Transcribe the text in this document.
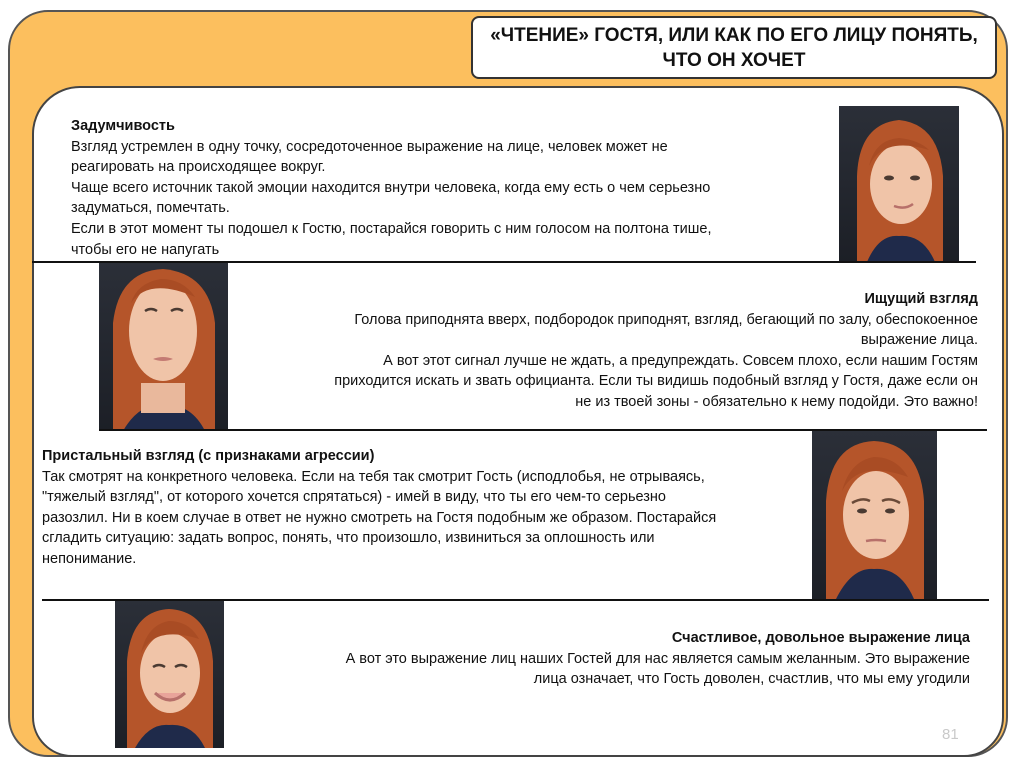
«ЧТЕНИЕ» ГОСТЯ, ИЛИ КАК ПО ЕГО ЛИЦУ ПОНЯТЬ,
ЧТО ОН ХОЧЕТ

Задумчивость

Взгляд устремлен в одну точку, сосредоточенное выражение на лице, человек может не

реагировать на происходящее вокруг.

Чаще всего источник такой эмоции находится внутри человека, когда ему есть о чем серьезно

задуматься, помечтать.

Если в этот момент ты подошел к Гостю, постарайся говорить с ним голосом на полтона тише,

чтобы его не напугать

Ищущий взгляд

Голова приподнята вверх, подбородок приподнят, взгляд, бегающий по залу, обеспокоенное

выражение лица.

А вот этот сигнал лучше не ждать, а предупреждать. Совсем плохо, если нашим Гостям

приходится искать и звать официанта. Если ты видишь подобный взгляд у Гостя, даже если он

не из твоей зоны - обязательно к нему подойди. Это важно!

Пристальный взгляд (с признаками агрессии)

Так смотрят на конкретного человека. Если на тебя так смотрит Гость (исподлобья, не отрываясь,

"тяжелый взгляд", от которого хочется спрятаться) - имей в виду, что ты его чем-то серьезно

разозлил. Ни в коем случае в ответ не нужно смотреть на Гостя подобным же образом. Постарайся

сгладить ситуацию: задать вопрос, понять, что произошло, извиниться за оплошность или

непонимание.

Счастливое, довольное выражение лица

А вот это выражение лиц наших Гостей для нас является самым желанным. Это выражение

лица означает, что Гость доволен, счастлив, что мы ему угодили

81
